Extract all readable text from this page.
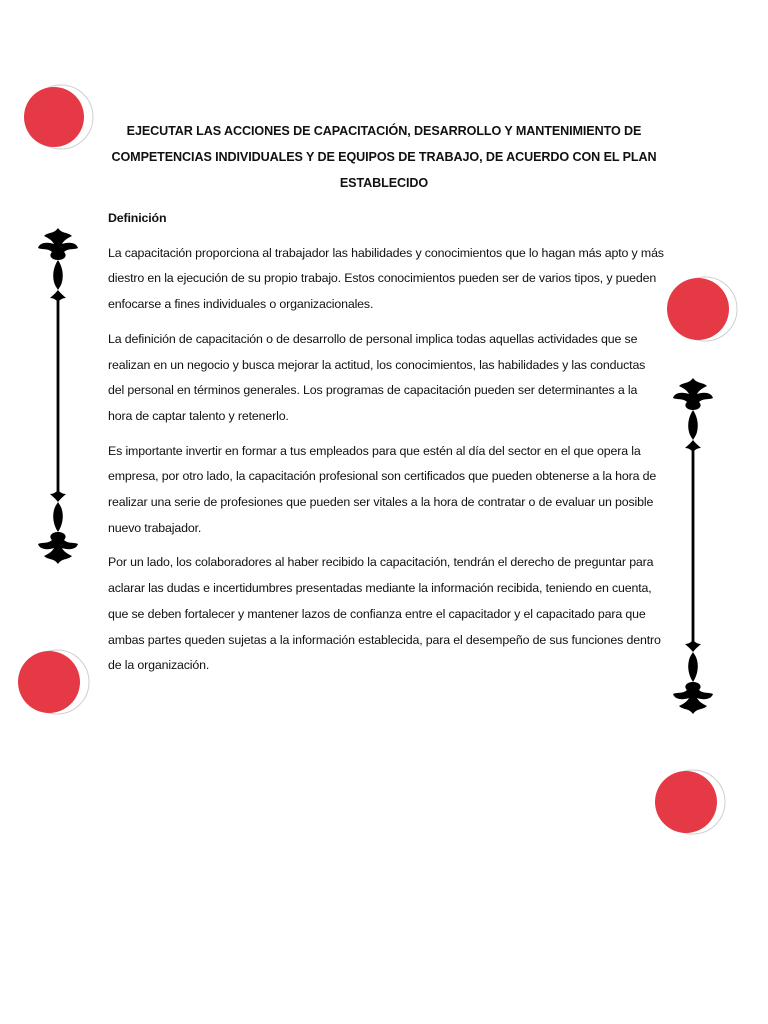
EJECUTAR LAS ACCIONES DE CAPACITACIÓN, DESARROLLO Y MANTENIMIENTO DE COMPETENCIAS INDIVIDUALES Y DE EQUIPOS DE TRABAJO, DE ACUERDO CON EL PLAN ESTABLECIDO
Definición

La capacitación proporciona al trabajador las habilidades y conocimientos que lo hagan más apto y más diestro en la ejecución de su propio trabajo. Estos conocimientos pueden ser de varios tipos, y pueden enfocarse a fines individuales o organizacionales.

La definición de capacitación o de desarrollo de personal implica todas aquellas actividades que se realizan en un negocio y busca mejorar la actitud, los conocimientos, las habilidades y las conductas del personal en términos generales. Los programas de capacitación pueden ser determinantes a la hora de captar talento y retenerlo.

Es importante invertir en formar a tus empleados para que estén al día del sector en el que opera la empresa, por otro lado, la capacitación profesional son certificados que pueden obtenerse a la hora de realizar una serie de profesiones que pueden ser vitales a la hora de contratar o de evaluar un posible nuevo trabajador.

Por un lado, los colaboradores al haber recibido la capacitación, tendrán el derecho de preguntar para aclarar las dudas e incertidumbres presentadas mediante la información recibida, teniendo en cuenta, que se deben fortalecer y mantener lazos de confianza entre el capacitador y el capacitado para que ambas partes queden sujetas a la información establecida, para el desempeño de sus funciones dentro de la organización.
